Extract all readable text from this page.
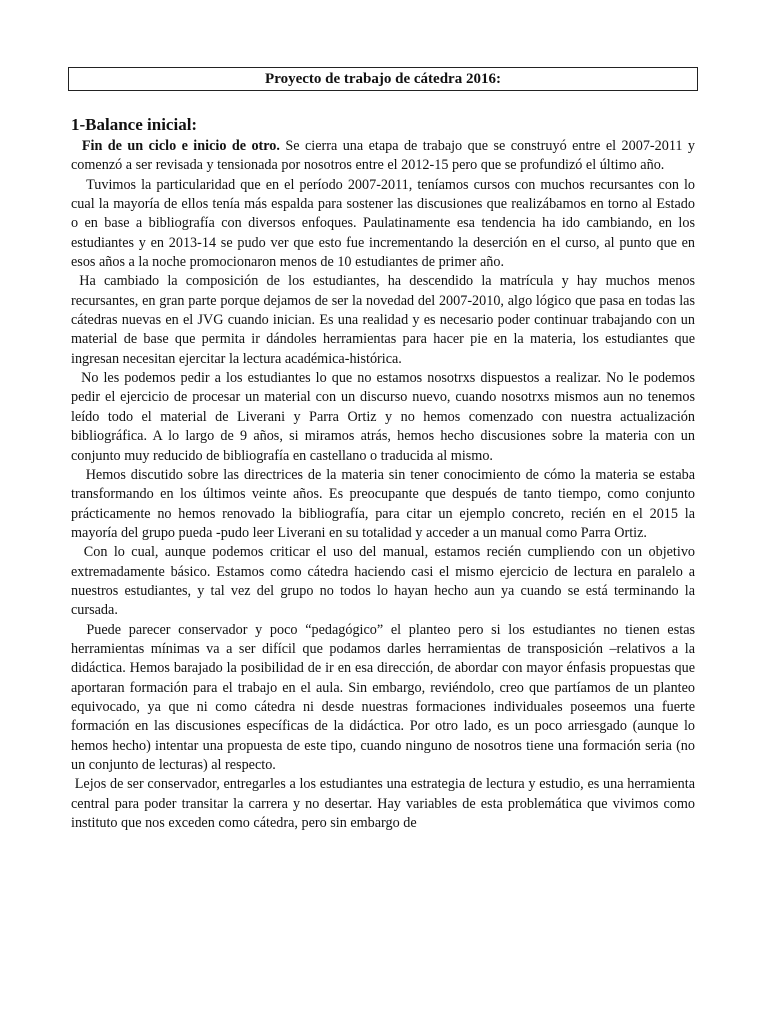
Proyecto de trabajo de cátedra 2016:
1-Balance inicial:

Fin de un ciclo e inicio de otro. Se cierra una etapa de trabajo que se construyó entre el 2007-2011 y comenzó a ser revisada y tensionada por nosotros entre el 2012-15 pero que se profundizó el último año.

Tuvimos la particularidad que en el período 2007-2011, teníamos cursos con muchos recursantes con lo cual la mayoría de ellos tenía más espalda para sostener las discusiones que realizábamos en torno al Estado o en base a bibliografía con diversos enfoques. Paulatinamente esa tendencia ha ido cambiando, en los estudiantes y en 2013-14 se pudo ver que esto fue incrementando la deserción en el curso, al punto que en esos años a la noche promocionaron menos de 10 estudiantes de primer año.

Ha cambiado la composición de los estudiantes, ha descendido la matrícula y hay muchos menos recursantes, en gran parte porque dejamos de ser la novedad del 2007-2010, algo lógico que pasa en todas las cátedras nuevas en el JVG cuando inician. Es una realidad y es necesario poder continuar trabajando con un material de base que permita ir dándoles herramientas para hacer pie en la materia, los estudiantes que ingresan necesitan ejercitar la lectura académica-histórica.

No les podemos pedir a los estudiantes lo que no estamos nosotrxs dispuestos a realizar. No le podemos pedir el ejercicio de procesar un material con un discurso nuevo, cuando nosotrxs mismos aun no tenemos leído todo el material de Liverani y Parra Ortiz y no hemos comenzado con nuestra actualización bibliográfica. A lo largo de 9 años, si miramos atrás, hemos hecho discusiones sobre la materia con un conjunto muy reducido de bibliografía en castellano o traducida al mismo.

Hemos discutido sobre las directrices de la materia sin tener conocimiento de cómo la materia se estaba transformando en los últimos veinte años. Es preocupante que después de tanto tiempo, como conjunto prácticamente no hemos renovado la bibliografía, para citar un ejemplo concreto, recién en el 2015 la mayoría del grupo pueda -pudo leer Liverani en su totalidad y acceder a un manual como Parra Ortiz.

Con lo cual, aunque podemos criticar el uso del manual, estamos recién cumpliendo con un objetivo extremadamente básico. Estamos como cátedra haciendo casi el mismo ejercicio de lectura en paralelo a nuestros estudiantes, y tal vez del grupo no todos lo hayan hecho aun ya cuando se está terminando la cursada.

Puede parecer conservador y poco “pedagógico” el planteo pero si los estudiantes no tienen estas herramientas mínimas va a ser difícil que podamos darles herramientas de transposición –relativos a la didáctica. Hemos barajado la posibilidad de ir en esa dirección, de abordar con mayor énfasis propuestas que aportaran formación para el trabajo en el aula. Sin embargo, reviéndolo, creo que partíamos de un planteo equivocado, ya que ni como cátedra ni desde nuestras formaciones individuales poseemos una fuerte formación en las discusiones específicas de la didáctica. Por otro lado, es un poco arriesgado (aunque lo hemos hecho) intentar una propuesta de este tipo, cuando ninguno de nosotros tiene una formación seria (no un conjunto de lecturas) al respecto.

Lejos de ser conservador, entregarles a los estudiantes una estrategia de lectura y estudio, es una herramienta central para poder transitar la carrera y no desertar. Hay variables de esta problemática que vivimos como instituto que nos exceden como cátedra, pero sin embargo de
